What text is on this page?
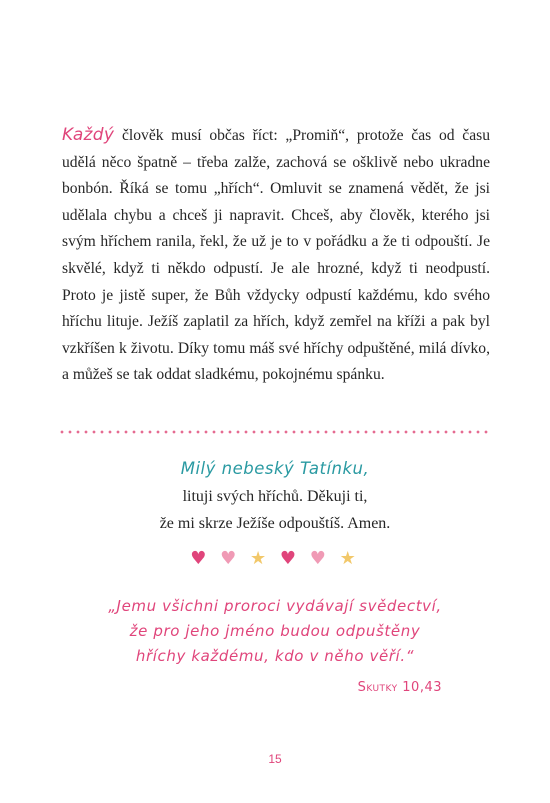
Každý člověk musí občas říct: „Promiň“, protože čas od času udělá něco špatně – třeba zalže, zachová se ošklivě nebo ukradne bonbón. Říká se tomu „hřích“. Omluvit se znamená vědět, že jsi udělala chybu a chceš ji napravit. Chceš, aby člověk, kterého jsi svým hříchem ranila, řekl, že už je to v pořádku a že ti odpouští. Je skvělé, když ti někdo odpustí. Je ale hrozné, když ti neodpustí. Proto je jistě super, že Bůh vždycky odpustí každému, kdo svého hříchu lituje. Ježíš zaplatil za hřích, když zemřel na kříži a pak byl vzkříšen k životu. Díky tomu máš své hříchy odpuštěné, milá dívko, a můžeš se tak oddat sladkému, pokojnému spánku.

Milý nebeský Tatínku,
lituji svých hříchů. Děkuji ti,
že mi skrze Ježíše odpouštíš. Amen.
♥ ♥ ★ ♥ ♥ ★
„Jemu všichni proroci vydávají svědectví,
že pro jeho jméno budou odpuštěny
hříchy každému, kdo v něho věří.“
Skutky 10,43
15
